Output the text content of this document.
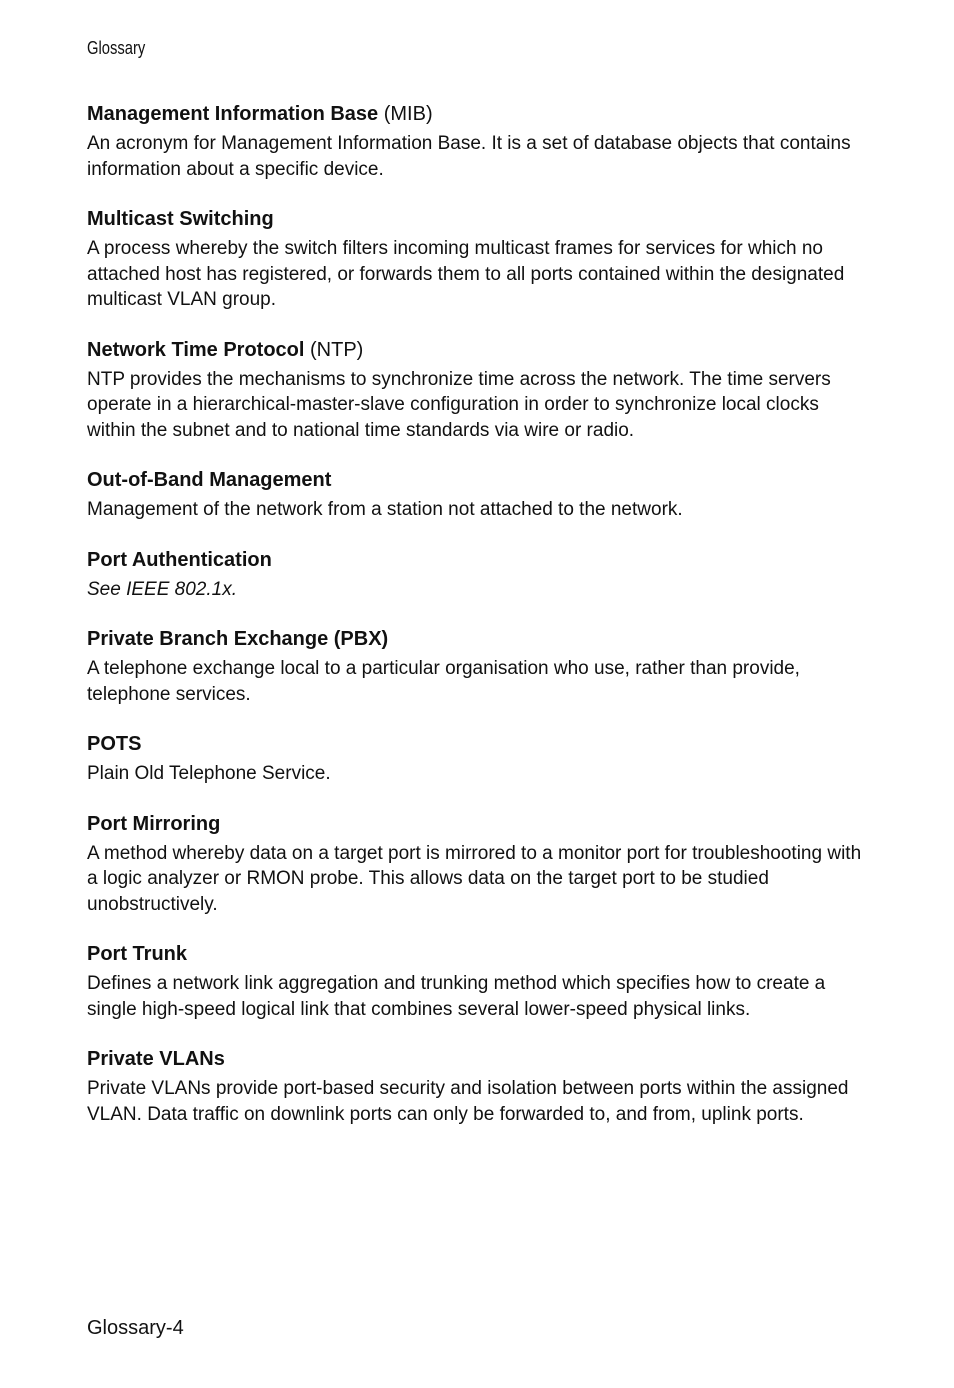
Glossary
Management Information Base (MIB)

An acronym for Management Information Base. It is a set of database objects that contains information about a specific device.

Multicast Switching

A process whereby the switch filters incoming multicast frames for services for which no attached host has registered, or forwards them to all ports contained within the designated multicast VLAN group.

Network Time Protocol (NTP)

NTP provides the mechanisms to synchronize time across the network. The time servers operate in a hierarchical-master-slave configuration in order to synchronize local clocks within the subnet and to national time standards via wire or radio.

Out-of-Band Management

Management of the network from a station not attached to the network.

Port Authentication

See IEEE 802.1x.

Private Branch Exchange (PBX)

A telephone exchange local to a particular organisation who use, rather than provide, telephone services.

POTS

Plain Old Telephone Service.

Port Mirroring

A method whereby data on a target port is mirrored to a monitor port for troubleshooting with a logic analyzer or RMON probe. This allows data on the target port to be studied unobstructively.

Port Trunk

Defines a network link aggregation and trunking method which specifies how to create a single high-speed logical link that combines several lower-speed physical links.

Private VLANs

Private VLANs provide port-based security and isolation between ports within the assigned VLAN. Data traffic on downlink ports can only be forwarded to, and from, uplink ports.

Glossary-4
